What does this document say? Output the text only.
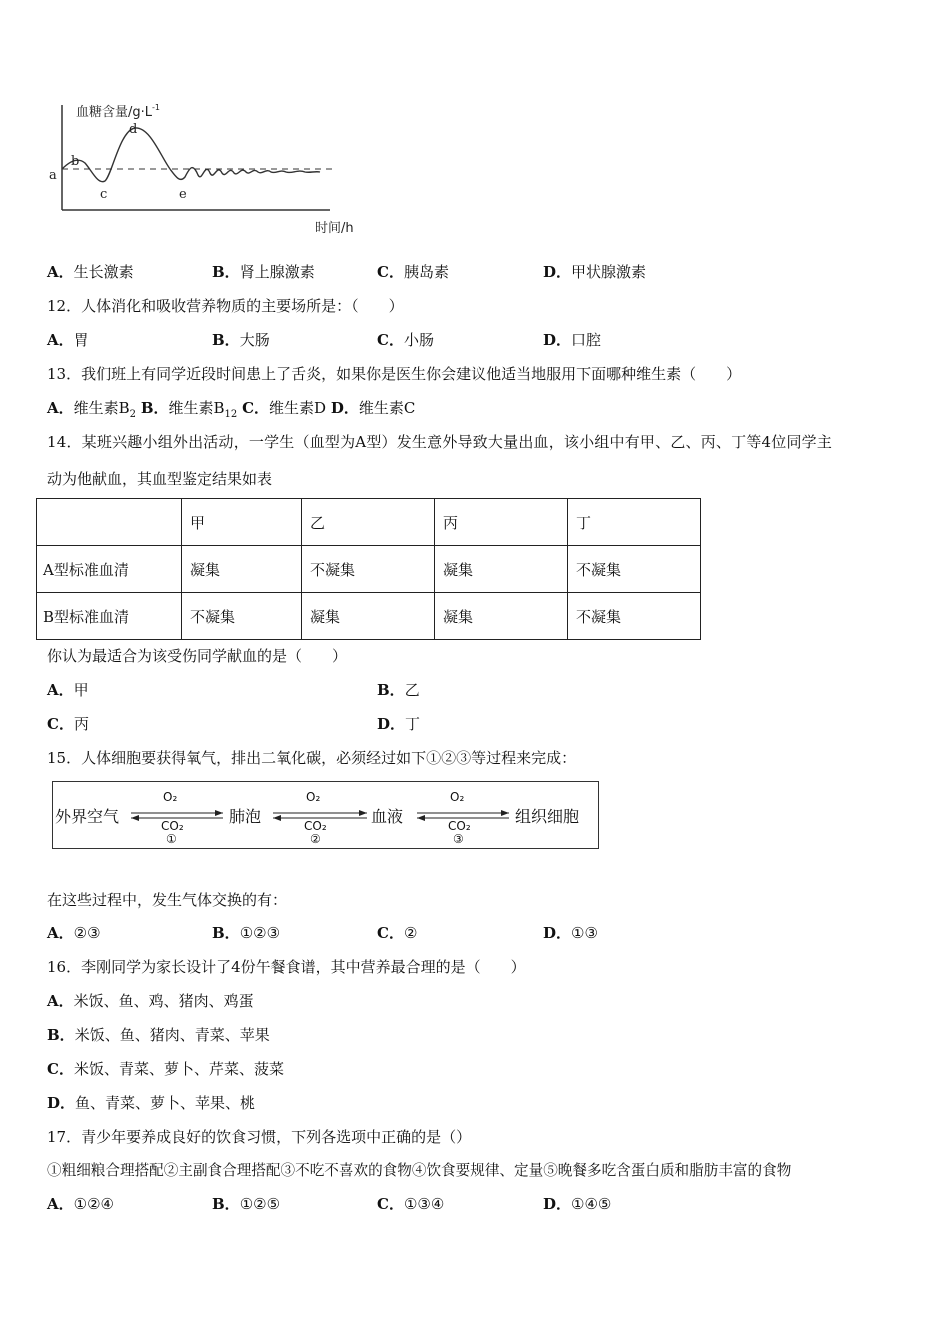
血糖含量$/g\cdot L^{-1}$
时间/h
a
b
c
d
e
A．生长激素	B．肾上腺激素	C．胰岛素	D．甲状腺激素
12．人体消化和吸收营养物质的主要场所是：（　　）
A．胃	B．大肠	C．小肠	D．口腔
13．我们班上有同学近段时间患上了舌炎，如果你是医生你会建议他适当地服用下面哪种维生素（　　）
A．维生素$B_2$ B．维生素$B_{12}$ C．维生素D D．维生素C
14．某班兴趣小组外出活动，一学生（血型为A型）发生意外导致大量出血，该小组中有甲、乙、丙、丁等4位同学主
动为他献血，其血型鉴定结果如表
	甲	乙	丙	丁
A型标准血清	凝集	不凝集	凝集	不凝集
B型标准血清	不凝集	凝集	凝集	不凝集
你认为最适合为该受伤同学献血的是（　　）
A．甲	B．乙
C．丙	D．丁
15．人体细胞要获得氧气，排出二氧化碳，必须经过如下①②③等过程来完成：
外界空气	肺泡	血液	组织细胞
O₂
CO₂
①
O₂
CO₂
②
O₂
CO₂
③
在这些过程中，发生气体交换的有：
A．②③	B．①②③	C．②	D．①③
16．李刚同学为家长设计了4份午餐食谱，其中营养最合理的是（　　）
A．米饭、鱼、鸡、猪肉、鸡蛋
B．米饭、鱼、猪肉、青菜、苹果
C．米饭、青菜、萝卜、芹菜、菠菜
D．鱼、青菜、萝卜、苹果、桃
17．青少年要养成良好的饮食习惯，下列各选项中正确的是（）
①粗细粮合理搭配②主副食合理搭配③不吃不喜欢的食物④饮食要规律、定量⑤晚餐多吃含蛋白质和脂肪丰富的食物
A．①②④	B．①②⑤	C．①③④	D．①④⑤
